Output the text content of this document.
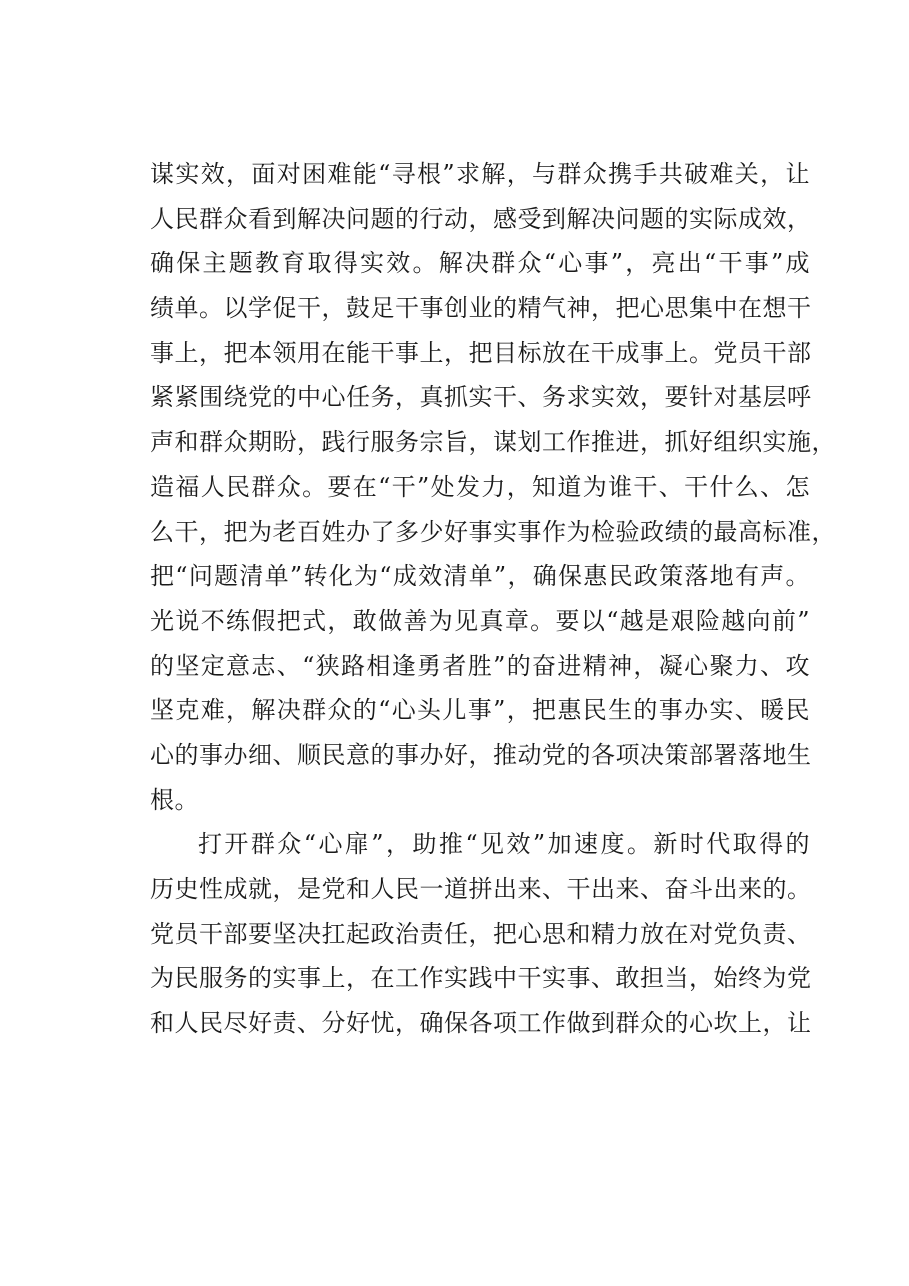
谋实效，面对困难能“寻根”求解，与群众携手共破难关，让
人民群众看到解决问题的行动，感受到解决问题的实际成效，
确保主题教育取得实效。解决群众“心事”，亮出“干事”成
绩单。以学促干，鼓足干事创业的精气神，把心思集中在想干
事上，把本领用在能干事上，把目标放在干成事上。党员干部
紧紧围绕党的中心任务，真抓实干、务求实效，要针对基层呼
声和群众期盼，践行服务宗旨，谋划工作推进，抓好组织实施，
造福人民群众。要在“干”处发力，知道为谁干、干什么、怎
么干，把为老百姓办了多少好事实事作为检验政绩的最高标准，
把“问题清单”转化为“成效清单”，确保惠民政策落地有声。
光说不练假把式，敢做善为见真章。要以“越是艰险越向前”
的坚定意志、“狭路相逢勇者胜”的奋进精神，凝心聚力、攻
坚克难，解决群众的“心头儿事”，把惠民生的事办实、暖民
心的事办细、顺民意的事办好，推动党的各项决策部署落地生
根。
打开群众“心扉”，助推“见效”加速度。新时代取得的
历史性成就，是党和人民一道拼出来、干出来、奋斗出来的。
党员干部要坚决扛起政治责任，把心思和精力放在对党负责、
为民服务的实事上，在工作实践中干实事、敢担当，始终为党
和人民尽好责、分好忧，确保各项工作做到群众的心坎上，让
